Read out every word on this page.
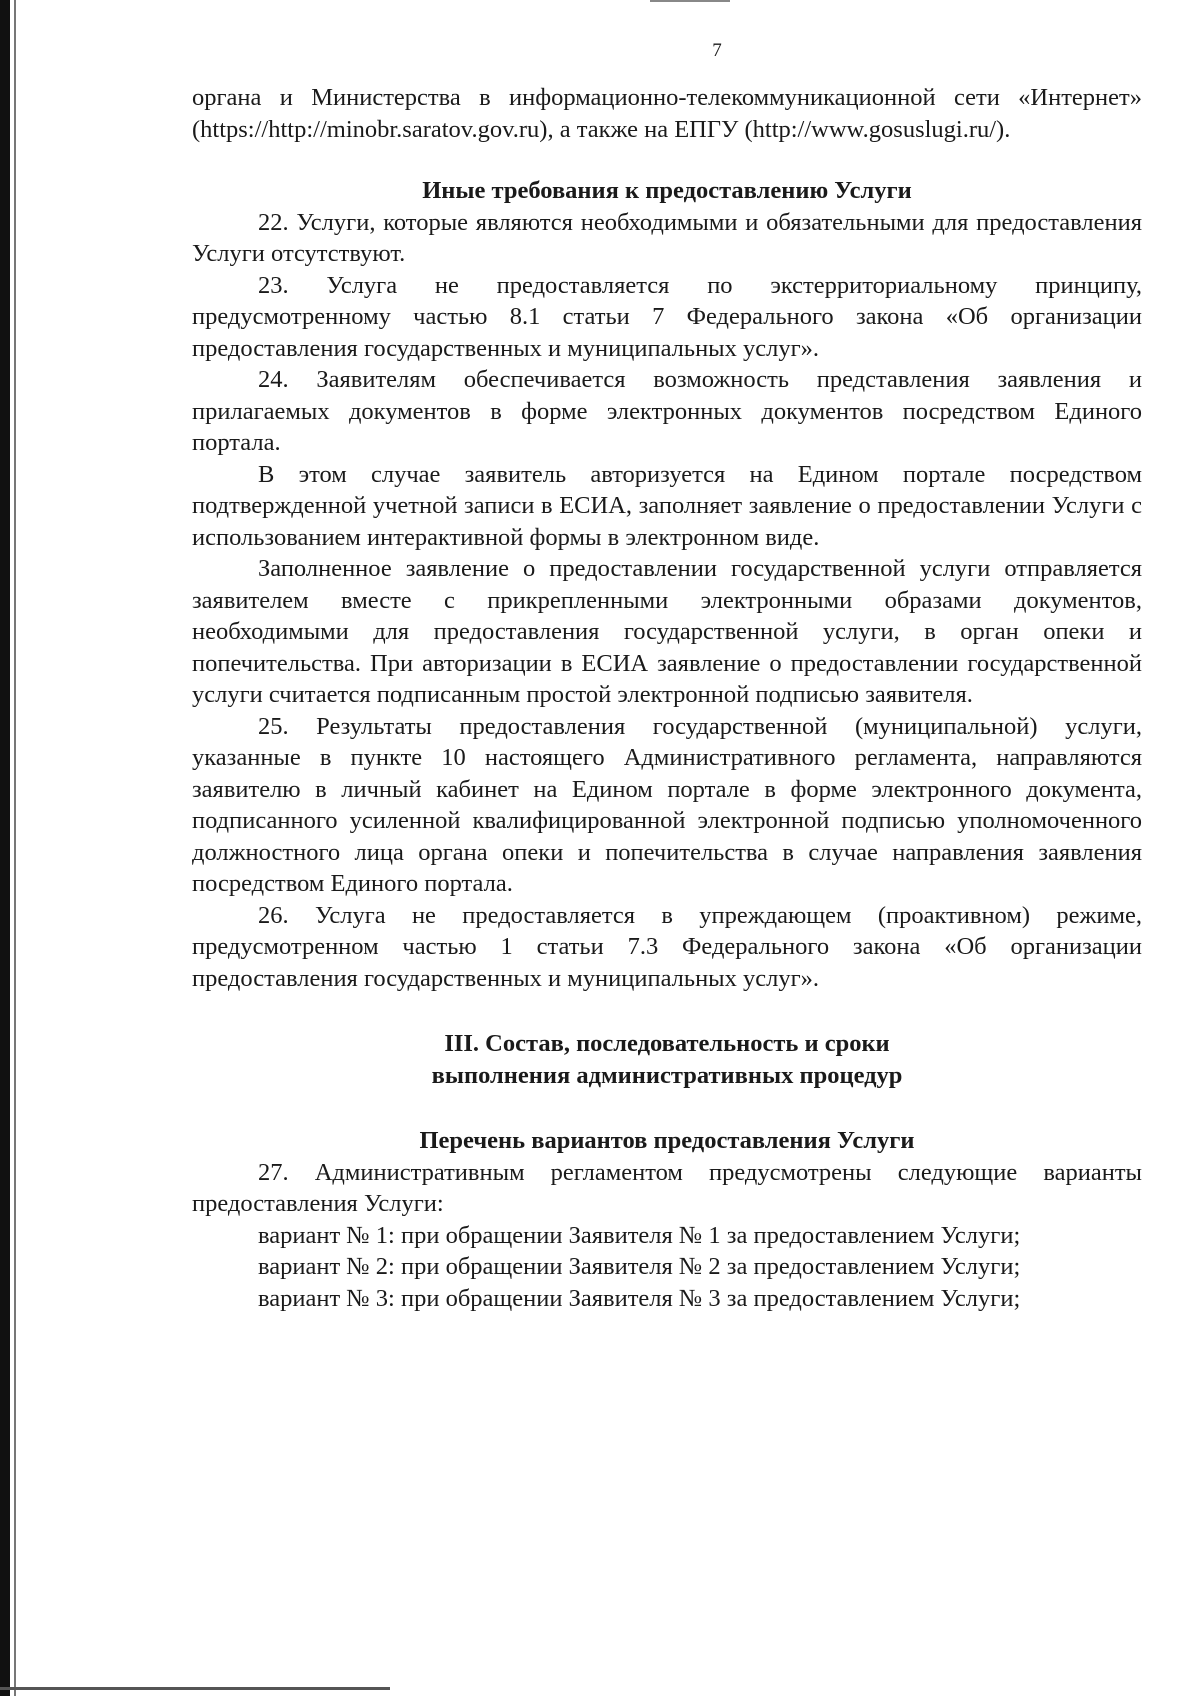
7

органа и Министерства в информационно-телекоммуникационной сети «Интернет» (https://http://minobr.saratov.gov.ru), а также на ЕПГУ (http://www.gosuslugi.ru/).

Иные требования к предоставлению Услуги

22. Услуги, которые являются необходимыми и обязательными для предоставления Услуги отсутствуют.

23. Услуга не предоставляется по экстерриториальному принципу, предусмотренному частью 8.1 статьи 7 Федерального закона «Об организации предоставления государственных и муниципальных услуг».

24. Заявителям обеспечивается возможность представления заявления и прилагаемых документов в форме электронных документов посредством Единого портала.

В этом случае заявитель авторизуется на Едином портале посредством подтвержденной учетной записи в ЕСИА, заполняет заявление о предоставлении Услуги с использованием интерактивной формы в электронном виде.

Заполненное заявление о предоставлении государственной услуги отправляется заявителем вместе с прикрепленными электронными образами документов, необходимыми для предоставления государственной услуги, в орган опеки и попечительства. При авторизации в ЕСИА заявление о предоставлении государственной услуги считается подписанным простой электронной подписью заявителя.

25. Результаты предоставления государственной (муниципальной) услуги, указанные в пункте 10 настоящего Административного регламента, направляются заявителю в личный кабинет на Едином портале в форме электронного документа, подписанного усиленной квалифицированной электронной подписью уполномоченного должностного лица органа опеки и попечительства в случае направления заявления посредством Единого портала.

26. Услуга не предоставляется в упреждающем (проактивном) режиме, предусмотренном частью 1 статьи 7.3 Федерального закона «Об организации предоставления государственных и муниципальных услуг».

III. Состав, последовательность и сроки
выполнения административных процедур
Перечень вариантов предоставления Услуги

27. Административным регламентом предусмотрены следующие варианты предоставления Услуги:

вариант № 1: при обращении Заявителя № 1 за предоставлением Услуги;

вариант № 2: при обращении Заявителя № 2 за предоставлением Услуги;

вариант № 3: при обращении Заявителя № 3 за предоставлением Услуги;
